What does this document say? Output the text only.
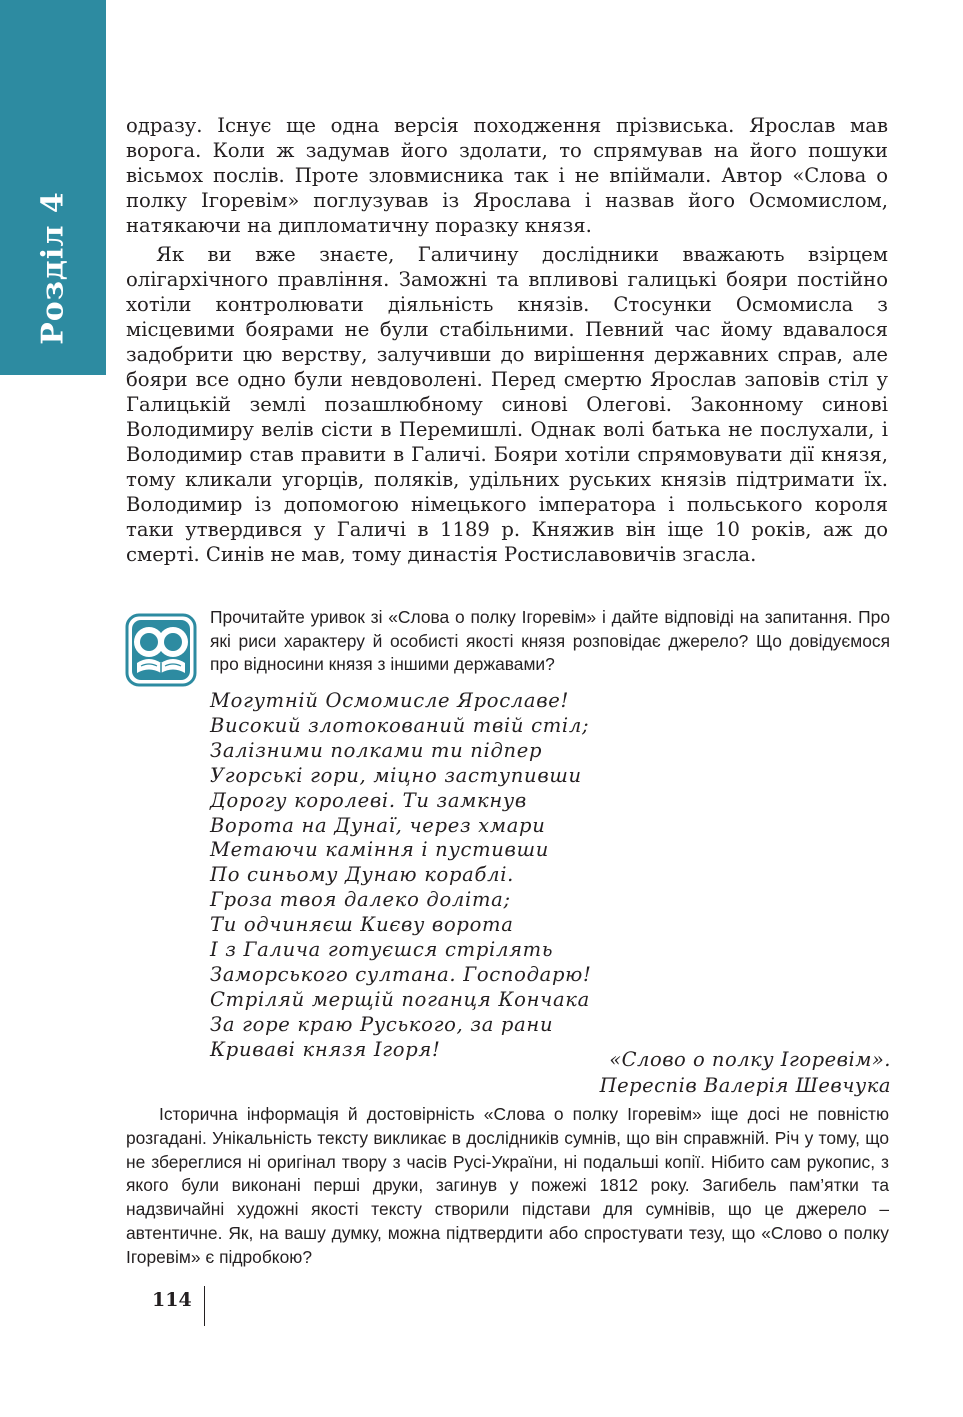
Розділ 4

одразу. Існує ще одна версія походження прізвиська. Ярослав мав ворога. Коли ж задумав його здолати, то спрямував на його пошуки вісьмох послів. Проте зловмисника так і не впіймали. Автор «Слова о полку Ігоревім» поглузував із Ярослава і назвав його Осмомислом, натякаючи на дипломатичну поразку князя.

Як ви вже знаєте, Галичину дослідники вважають взірцем олігархічного правління. Заможні та впливові галицькі бояри постійно хотіли контролювати діяльність князів. Стосунки Осмомисла з місцевими боярами не були стабільними. Певний час йому вдавалося задобрити цю верству, залучивши до вирішення державних справ, але бояри все одно були невдоволені. Перед смертю Ярослав заповів стіл у Галицькій землі позашлюбному синові Олегові. Законному синові Володимиру велів сісти в Перемишлі. Однак волі батька не послухали, і Володимир став правити в Галичі. Бояри хотіли спрямовувати дії князя, тому кликали угорців, поляків, удільних руських князів підтримати їх. Володимир із допомогою німецького імператора і польського короля таки утвердився у Галичі в 1189 р. Княжив він іще 10 років, аж до смерті. Синів не мав, тому династія Ростиславовичів згасла.

Прочитайте уривок зі «Слова о полку Ігоревім» і дайте відповіді на запитання. Про які риси характеру й особисті якості князя розповідає джерело? Що довідуємося про відносини князя з іншими державами?
Могутній Осмомисле Ярославе!
Високий злотокований твій стіл;
Залізними полками ти підпер
Угорські гори, міцно заступивши
Дорогу королеві. Ти замкнув
Ворота на Дунаї, через хмари
Метаючи каміння і пустивши
По синьому Дунаю кораблі.
Гроза твоя далеко доліта;
Ти одчиняєш Києву ворота
І з Галича готуєшся стрілять
Заморського султана. Господарю!
Стріляй мерщій поганця Кончака
За горе краю Руського, за рани
Криваві князя Ігоря!	«Слово о полку Ігоревім».
Переспів Валерія Шевчука

Історична інформація й достовірність «Слова о полку Ігоревім» іще досі не повністю розгадані. Унікальність тексту викликає в дослідників сумнів, що він справжній. Річ у тому, що не збереглися ні оригінал твору з часів Русі-України, ні подальші копії. Нібито сам рукопис, з якого були виконані перші друки, загинув у пожежі 1812 року. Загибель пам’ятки та надзвичайні художні якості тексту створили підстави для сумнівів, що це джерело – автентичне. Як, на вашу думку, можна підтвердити або спростувати тезу, що «Слово о полку Ігоревім» є підробкою?

114
